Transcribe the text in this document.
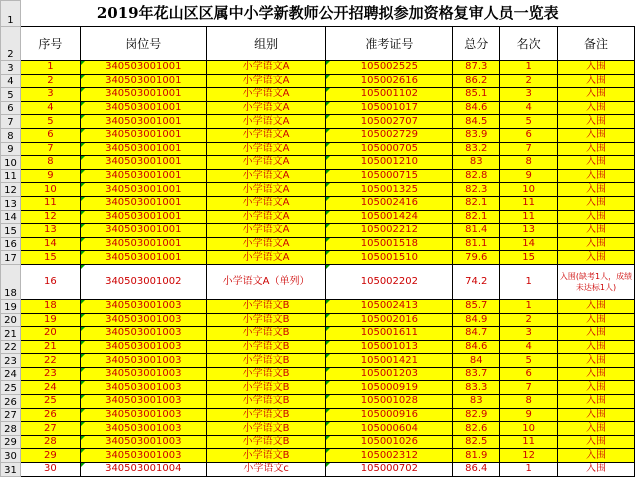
1	2019年花山区区属中小学新教师公开招聘拟参加资格复审人员一览表						
2	序号	岗位号	组别	准考证号	总分	名次	备注
3	1	340503001001	小学语文A	105002525	87.3	1	入围
4	2	340503001001	小学语文A	105002616	86.2	2	入围
5	3	340503001001	小学语文A	105001102	85.1	3	入围
6	4	340503001001	小学语文A	105001017	84.6	4	入围
7	5	340503001001	小学语文A	105002707	84.5	5	入围
8	6	340503001001	小学语文A	105002729	83.9	6	入围
9	7	340503001001	小学语文A	105000705	83.2	7	入围
10	8	340503001001	小学语文A	105001210	83	8	入围
11	9	340503001001	小学语文A	105000715	82.8	9	入围
12	10	340503001001	小学语文A	105001325	82.3	10	入围
13	11	340503001001	小学语文A	105002416	82.1	11	入围
14	12	340503001001	小学语文A	105001424	82.1	11	入围
15	13	340503001001	小学语文A	105002212	81.4	13	入围
16	14	340503001001	小学语文A	105001518	81.1	14	入围
17	15	340503001001	小学语文A	105001510	79.6	15	入围
18	16	340503001002	小学语文A（单列）	105002202	74.2	1	入围(缺考1人，成绩未达标1人)
19	18	340503001003	小学语文B	105002413	85.7	1	入围
20	19	340503001003	小学语文B	105002016	84.9	2	入围
21	20	340503001003	小学语文B	105001611	84.7	3	入围
22	21	340503001003	小学语文B	105001013	84.6	4	入围
23	22	340503001003	小学语文B	105001421	84	5	入围
24	23	340503001003	小学语文B	105001203	83.7	6	入围
25	24	340503001003	小学语文B	105000919	83.3	7	入围
26	25	340503001003	小学语文B	105001028	83	8	入围
27	26	340503001003	小学语文B	105000916	82.9	9	入围
28	27	340503001003	小学语文B	105000604	82.6	10	入围
29	28	340503001003	小学语文B	105001026	82.5	11	入围
30	29	340503001003	小学语文B	105002312	81.9	12	入围
31	30	340503001004	小学语文c	105000702	86.4	1	入围
